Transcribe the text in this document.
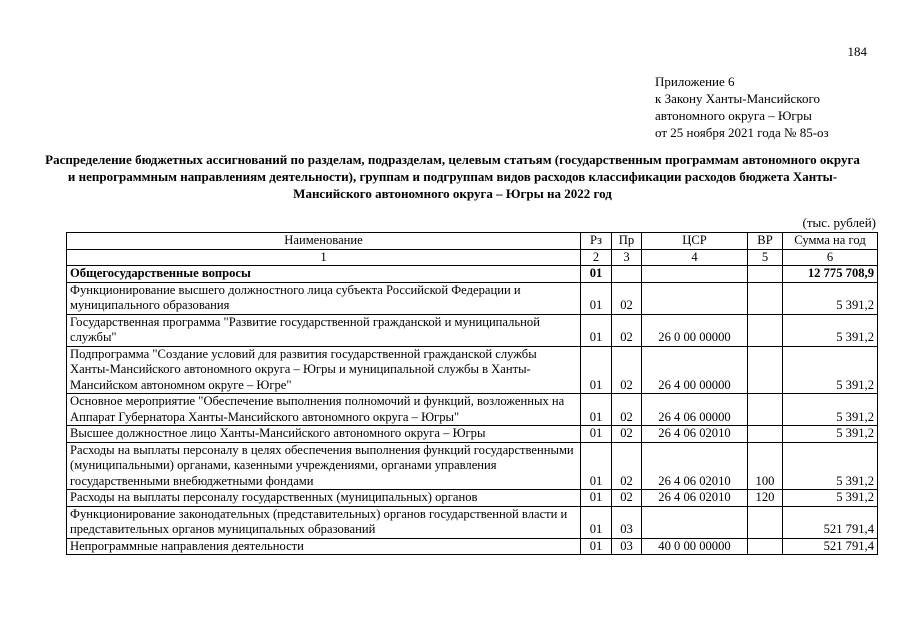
184
Приложение 6
к Закону Ханты-Мансийского
автономного округа – Югры
от 25 ноября 2021 года № 85-оз
Распределение бюджетных ассигнований по разделам, подразделам, целевым статьям (государственным программам автономного округа и непрограммным направлениям деятельности), группам и подгруппам видов расходов классификации расходов бюджета Ханты-Мансийского автономного округа – Югры на 2022 год
(тыс. рублей)
Наименование	Рз	Пр	ЦСР	ВР	Сумма на год
1	2	3	4	5	6
Общегосударственные вопросы	01				12 775 708,9
Функционирование высшего должностного лица субъекта Российской Федерации и муниципального образования	01	02			5 391,2
Государственная программа "Развитие государственной гражданской и муниципальной службы"	01	02	26 0 00 00000		5 391,2
Подпрограмма "Создание условий для развития государственной гражданской службы Ханты-Мансийского автономного округа – Югры и муниципальной службы в Ханты-Мансийском автономном округе – Югре"	01	02	26 4 00 00000		5 391,2
Основное мероприятие "Обеспечение выполнения полномочий и функций, возложенных на Аппарат Губернатора Ханты-Мансийского автономного округа – Югры"	01	02	26 4 06 00000		5 391,2
Высшее должностное лицо Ханты-Мансийского автономного округа – Югры	01	02	26 4 06 02010		5 391,2
Расходы на выплаты персоналу в целях обеспечения выполнения функций государственными (муниципальными) органами, казенными учреждениями, органами управления государственными внебюджетными фондами	01	02	26 4 06 02010	100	5 391,2
Расходы на выплаты персоналу государственных (муниципальных) органов	01	02	26 4 06 02010	120	5 391,2
Функционирование законодательных (представительных) органов государственной власти и представительных органов муниципальных образований	01	03			521 791,4
Непрограммные направления деятельности	01	03	40 0 00 00000		521 791,4
